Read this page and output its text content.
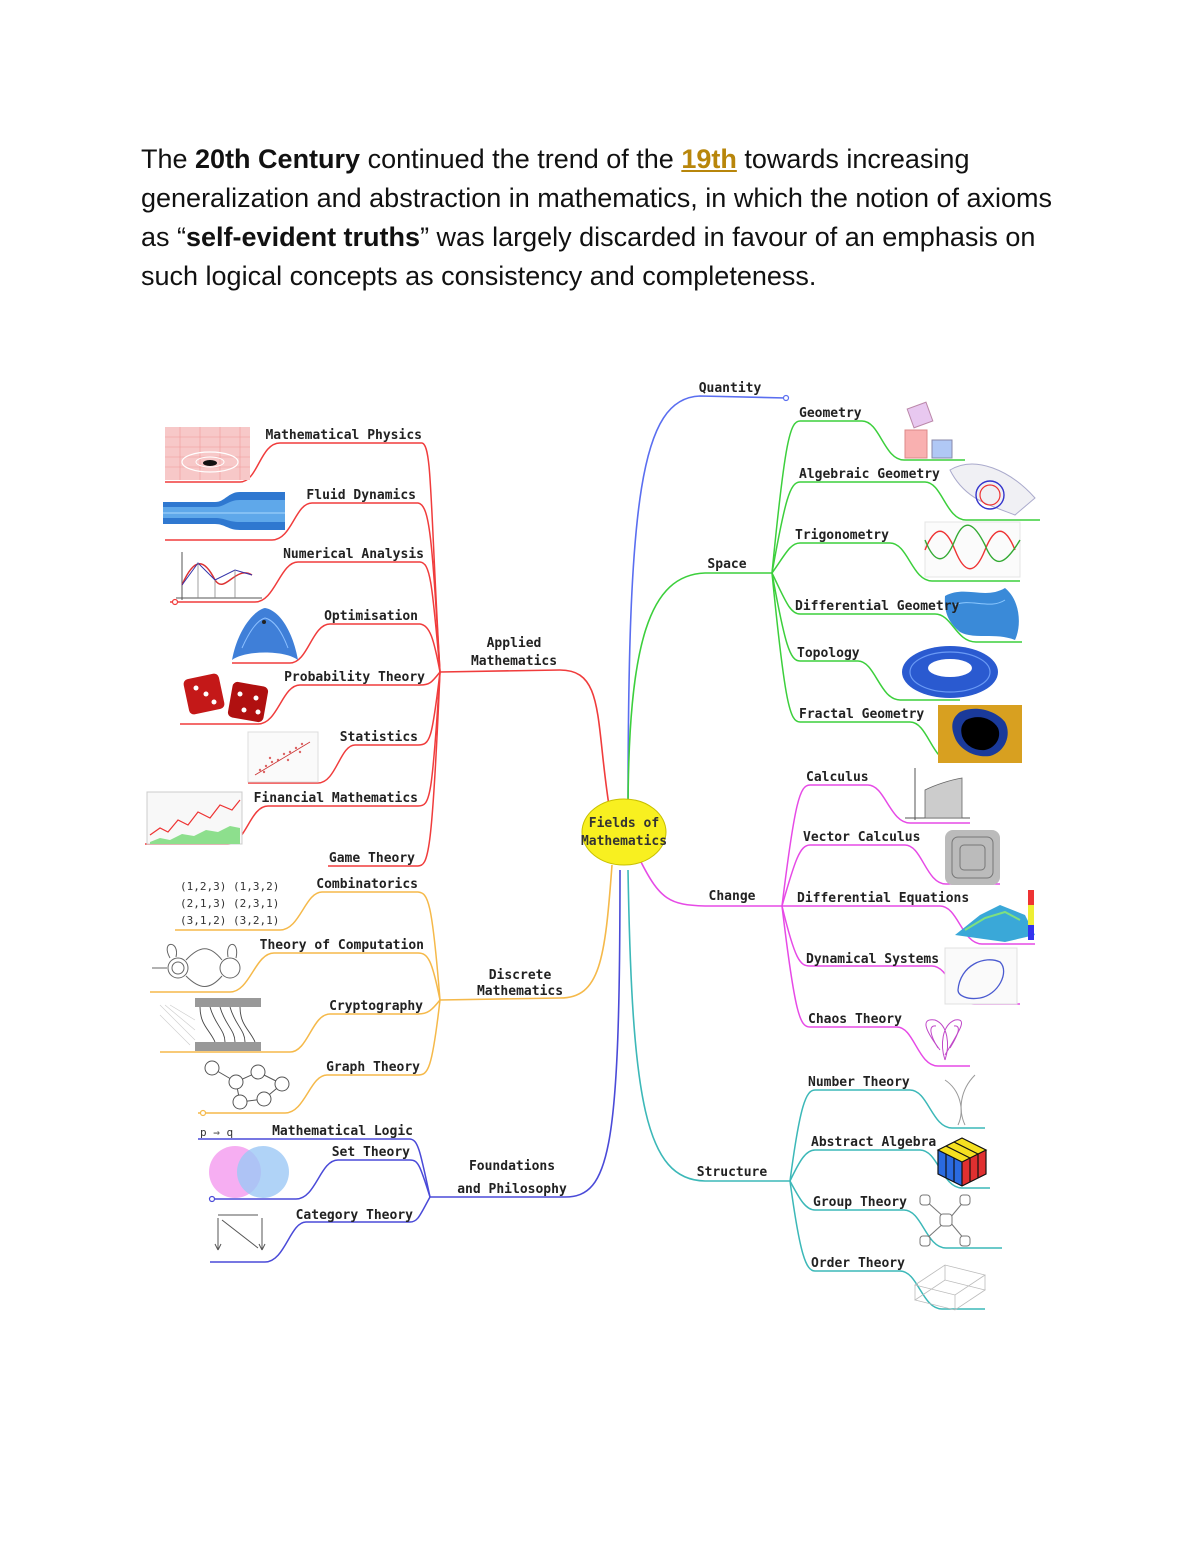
The 20th Century continued the trend of the 19th towards increasing generalization and abstraction in mathematics, in which the notion of axioms as “self-evident truths” was largely discarded in favour of an emphasis on such logical concepts as consistency and completeness.
(1,2,3) (1,3,2)
(2,1,3) (2,3,1)
(3,1,2) (3,2,1)
p ⇒ q
Fields of
Mathematics
Applied
Mathematics
Discrete
Mathematics
Foundations
and Philosophy
Quantity
Space
Change
Structure
Mathematical Physics
Fluid Dynamics
Numerical Analysis
Optimisation
Probability Theory
Statistics
Financial Mathematics
Game Theory
Combinatorics
Theory of Computation
Cryptography
Graph Theory
Mathematical Logic
Set Theory
Category Theory
Geometry
Algebraic Geometry
Trigonometry
Differential Geometry
Topology
Fractal Geometry
Calculus
Vector Calculus
Differential Equations
Dynamical Systems
Chaos Theory
Number Theory
Abstract Algebra
Group Theory
Order Theory
